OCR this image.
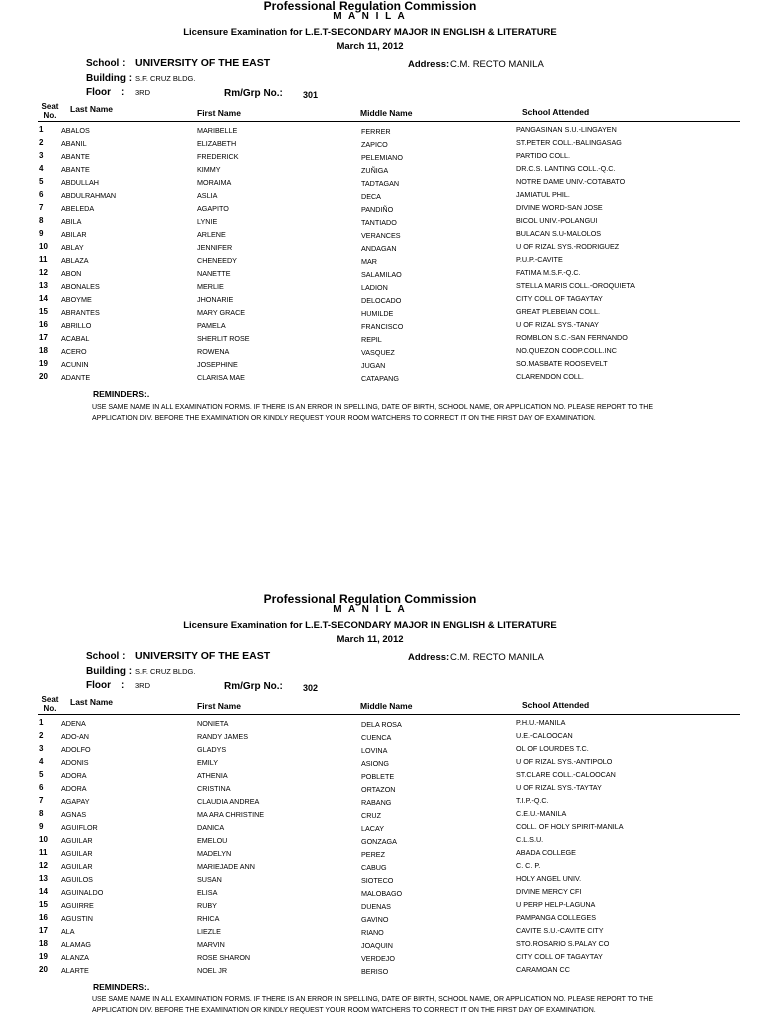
Professional Regulation Commission
M A N I L A
Licensure Examination for L.E.T-SECONDARY MAJOR IN ENGLISH & LITERATURE
March 11, 2012
School : UNIVERSITY OF THE EAST	Address: C.M. RECTO MANILA
Building : S.F. CRUZ BLDG.
Floor : 3RD	Rm/Grp No.: 301
Seat No.
Last Name	First Name	Middle Name	School Attended
1 ABALOS	MARIBELLE	FERRER	PANGASINAN S.U.-LINGAYEN
2 ABANIL	ELIZABETH	ZAPICO	ST.PETER COLL.-BALINGASAG
3 ABANTE	FREDERICK	PELEMIANO	PARTIDO COLL.
4 ABANTE	KIMMY	ZUÑIGA	DR.C.S. LANTING COLL.-Q.C.
5 ABDULLAH	MORAIMA	TADTAGAN	NOTRE DAME UNIV.-COTABATO
6 ABDULRAHMAN	ASLIA	DECA	JAMIATUL PHIL.
7 ABELEDA	AGAPITO	PANDIÑO	DIVINE WORD-SAN JOSE
8 ABILA	LYNIE	TANTIADO	BICOL UNIV.-POLANGUI
9 ABILAR	ARLENE	VERANCES	BULACAN S.U-MALOLOS
10 ABLAY	JENNIFER	ANDAGAN	U OF RIZAL SYS.-RODRIGUEZ
11 ABLAZA	CHENEEDY	MAR	P.U.P.-CAVITE
12 ABON	NANETTE	SALAMILAO	FATIMA M.S.F.-Q.C.
13 ABONALES	MERLIE	LADION	STELLA MARIS COLL.-OROQUIETA
14 ABOYME	JHONARIE	DELOCADO	CITY COLL OF TAGAYTAY
15 ABRANTES	MARY GRACE	HUMILDE	GREAT PLEBEIAN COLL.
16 ABRILLO	PAMELA	FRANCISCO	U OF RIZAL SYS.-TANAY
17 ACABAL	SHERLIT ROSE	REPIL	ROMBLON S.C.-SAN FERNANDO
18 ACERO	ROWENA	VASQUEZ	NO.QUEZON COOP.COLL.INC
19 ACUNIN	JOSEPHINE	JUGAN	SO.MASBATE ROOSEVELT
20 ADANTE	CLARISA MAE	CATAPANG	CLARENDON COLL.
REMINDERS:.
USE SAME NAME IN ALL EXAMINATION FORMS. IF THERE IS AN ERROR IN SPELLING, DATE OF BIRTH, SCHOOL NAME, OR APPLICATION NO. PLEASE REPORT TO THE APPLICATION DIV. BEFORE THE EXAMINATION OR KINDLY REQUEST YOUR ROOM WATCHERS TO CORRECT IT ON THE FIRST DAY OF EXAMINATION.
Professional Regulation Commission
M A N I L A
Licensure Examination for L.E.T-SECONDARY MAJOR IN ENGLISH & LITERATURE
March 11, 2012
School : UNIVERSITY OF THE EAST	Address: C.M. RECTO MANILA
Building : S.F. CRUZ BLDG.
Floor : 3RD	Rm/Grp No.: 302
Seat No.
Last Name	First Name	Middle Name	School Attended
1 ADENA	NONIETA	DELA ROSA	P.H.U.-MANILA
2 ADO-AN	RANDY JAMES	CUENCA	U.E.-CALOOCAN
3 ADOLFO	GLADYS	LOVINA	OL OF LOURDES T.C.
4 ADONIS	EMILY	ASIONG	U OF RIZAL SYS.-ANTIPOLO
5 ADORA	ATHENIA	POBLETE	ST.CLARE COLL.-CALOOCAN
6 ADORA	CRISTINA	ORTAZON	U OF RIZAL SYS.-TAYTAY
7 AGAPAY	CLAUDIA ANDREA	RABANG	T.I.P.-Q.C.
8 AGNAS	MA ARA CHRISTINE	CRUZ	C.E.U.-MANILA
9 AGUIFLOR	DANICA	LACAY	COLL. OF HOLY SPIRIT-MANILA
10 AGUILAR	EMELOU	GONZAGA	C.L.S.U.
11 AGUILAR	MADELYN	PEREZ	ABADA COLLEGE
12 AGUILAR	MARIEJADE ANN	CABUG	C. C. P.
13 AGUILOS	SUSAN	SIOTECO	HOLY ANGEL UNIV.
14 AGUINALDO	ELISA	MALOBAGO	DIVINE MERCY CFI
15 AGUIRRE	RUBY	DUENAS	U PERP HELP-LAGUNA
16 AGUSTIN	RHICA	GAVINO	PAMPANGA COLLEGES
17 ALA	LIEZLE	RIANO	CAVITE S.U.-CAVITE CITY
18 ALAMAG	MARVIN	JOAQUIN	STO.ROSARIO S.PALAY CO
19 ALANZA	ROSE SHARON	VERDEJO	CITY COLL OF TAGAYTAY
20 ALARTE	NOEL JR	BERISO	CARAMOAN CC
REMINDERS:.
USE SAME NAME IN ALL EXAMINATION FORMS. IF THERE IS AN ERROR IN SPELLING, DATE OF BIRTH, SCHOOL NAME, OR APPLICATION NO. PLEASE REPORT TO THE APPLICATION DIV. BEFORE THE EXAMINATION OR KINDLY REQUEST YOUR ROOM WATCHERS TO CORRECT IT ON THE FIRST DAY OF EXAMINATION.
